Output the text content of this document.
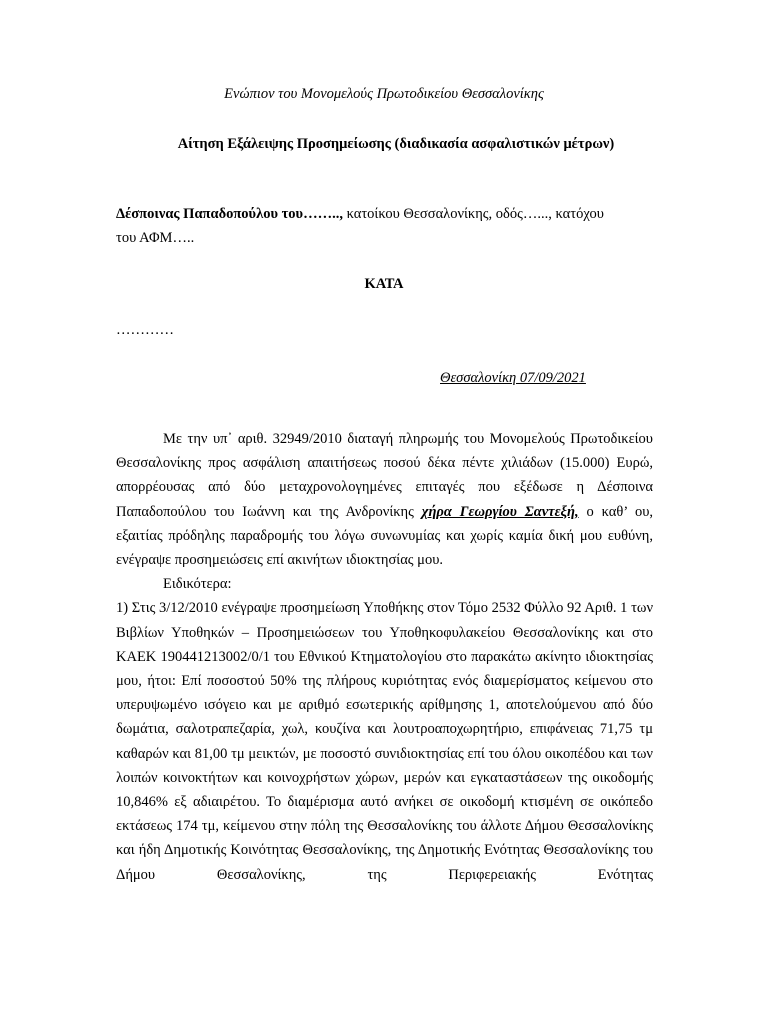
Ενώπιον του Μονομελούς Πρωτοδικείου Θεσσαλονίκης
Αίτηση Εξάλειψης Προσημείωσης (διαδικασία ασφαλιστικών μέτρων)
Δέσποινας Παπαδοπούλου του…….., κατοίκου Θεσσαλονίκης, οδός…..., κατόχου
του ΑΦΜ…..
ΚΑΤΑ
…………
Θεσσαλονίκη 07/09/2021

Με την υπ᾿ αριθ. 32949/2010 διαταγή πληρωμής του Μονομελούς Πρωτοδικείου Θεσσαλονίκης προς ασφάλιση απαιτήσεως ποσού δέκα πέντε χιλιάδων (15.000) Ευρώ, απορρέουσας από δύο μεταχρονολογημένες επιταγές που εξέδωσε η Δέσποινα Παπαδοπούλου του Ιωάννη και της Ανδρονίκης χήρα Γεωργίου Σαντεξή, ο καθ’ ου, εξαιτίας πρόδηλης παραδρομής του λόγω συνωνυμίας και χωρίς καμία δική μου ευθύνη, ενέγραψε προσημειώσεις επί ακινήτων ιδιοκτησίας μου.

Ειδικότερα:

1) Στις 3/12/2010 ενέγραψε προσημείωση Υποθήκης στον Τόμο 2532 Φύλλο 92 Αριθ. 1 των Βιβλίων Υποθηκών – Προσημειώσεων του Υποθηκοφυλακείου Θεσσαλονίκης και στο ΚΑΕΚ 190441213002/0/1 του Εθνικού Κτηματολογίου στο παρακάτω ακίνητο ιδιοκτησίας μου, ήτοι: Επί ποσοστού 50% της πλήρους κυριότητας ενός διαμερίσματος κείμενου στο υπερυψωμένο ισόγειο και με αριθμό εσωτερικής αρίθμησης 1, αποτελούμενου από δύο δωμάτια, σαλοτραπεζαρία, χωλ, κουζίνα και λουτροαποχωρητήριο, επιφάνειας 71,75 τμ καθαρών και 81,00 τμ μεικτών, με ποσοστό συνιδιοκτησίας επί του όλου οικοπέδου και των λοιπών κοινοκτήτων και κοινοχρήστων χώρων, μερών και εγκαταστάσεων της οικοδομής 10,846% εξ αδιαιρέτου. Το διαμέρισμα αυτό ανήκει σε οικοδομή κτισμένη σε οικόπεδο εκτάσεως 174 τμ, κείμενου στην πόλη της Θεσσαλονίκης του άλλοτε Δήμου Θεσσαλονίκης και ήδη Δημοτικής Κοινότητας Θεσσαλονίκης, της Δημοτικής Ενότητας Θεσσαλονίκης του Δήμου Θεσσαλονίκης, της Περιφερειακής Ενότητας
